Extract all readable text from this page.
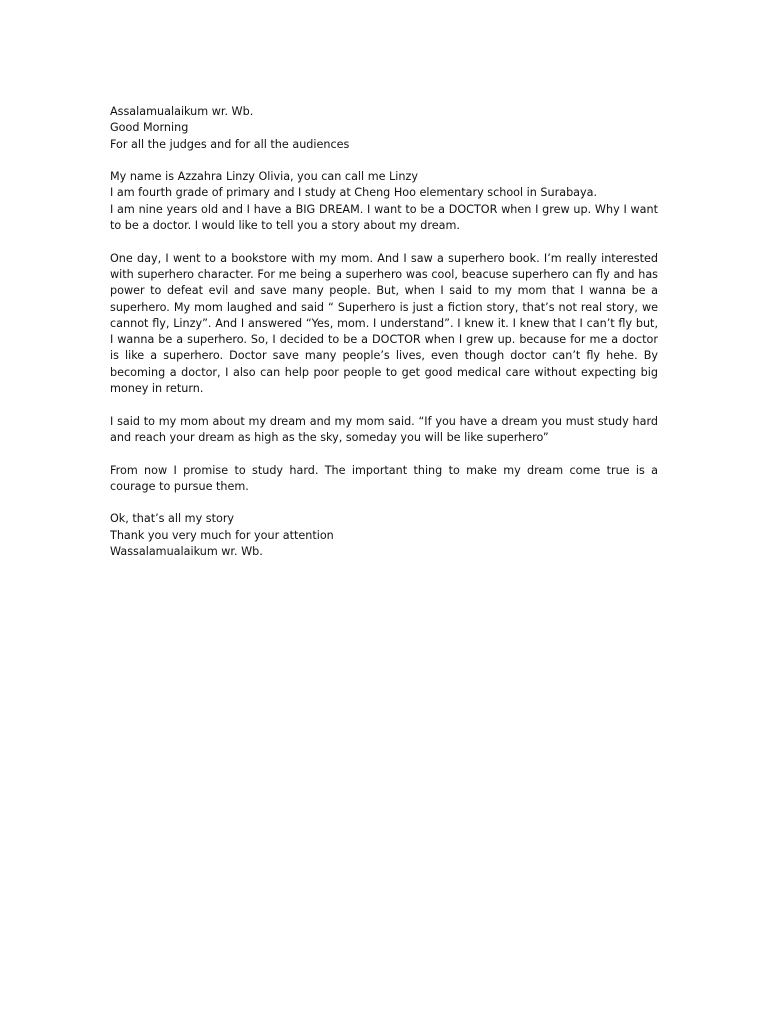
Assalamualaikum wr. Wb.

Good Morning

For all the judges and for all the audiences

My name is Azzahra Linzy Olivia, you can call me Linzy

I am fourth grade of primary and I study at Cheng Hoo elementary school in Surabaya.

I am nine years old and I have a BIG DREAM. I want to be a DOCTOR when I grew up. Why I want to be a doctor. I would like to tell you a story about my dream.

One day, I went to a bookstore with my mom. And I saw a superhero book. I’m really interested with superhero character. For me being a superhero was cool, beacuse superhero can fly and has power to defeat evil and save many people. But, when I said to my mom that I wanna be a superhero. My mom laughed and said “ Superhero is just a fiction story, that’s not real story, we cannot fly, Linzy”. And I answered “Yes, mom. I understand”. I knew it. I knew that I can’t fly but, I wanna be a superhero. So, I decided to be a DOCTOR when I grew up. because for me a doctor is like a superhero. Doctor save many people’s lives, even though doctor can’t fly hehe. By becoming a doctor, I also can help poor people to get good medical care without expecting big money in return.

I said to my mom about my dream and my mom said. “If you have a dream you must study hard and reach your dream as high as the sky, someday you will be like superhero”

From now I promise to study hard. The important thing to make my dream come true is a courage to pursue them.

Ok, that’s all my story

Thank you very much for your attention

Wassalamualaikum wr. Wb.
